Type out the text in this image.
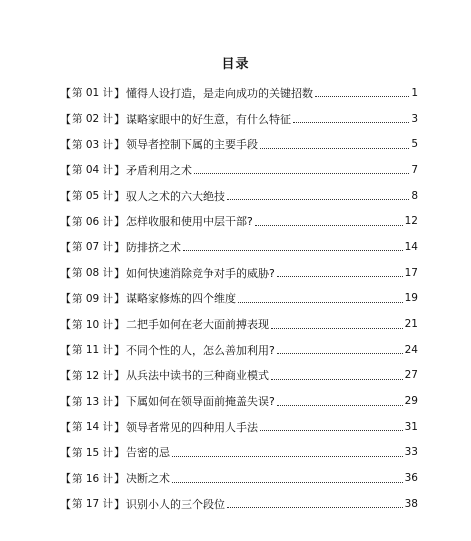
目录
【 第 01 计 】 懂得人设打造，是走向成功的关键招数	1
【 第 02 计 】 谋略家眼中的好生意，有什么特征	3
【 第 03 计 】 领导者控制下属的主要手段	5
【 第 04 计 】 矛盾利用之术	7
【 第 05 计 】 驭人之术的六大绝技	8
【 第 06 计 】 怎样收服和使用中层干部?	12
【 第 07 计 】 防排挤之术	14
【 第 08 计 】 如何快速消除竞争对手的威胁?	17
【 第 09 计 】 谋略家修炼的四个维度	19
【 第 10 计 】 二把手如何在老大面前搏表现	21
【 第 11 计 】 不同个性的人，怎么善加利用?	24
【 第 12 计 】 从兵法中读书的三种商业模式	27
【 第 13 计 】 下属如何在领导面前掩盖失误?	29
【 第 14 计 】 领导者常见的四种用人手法	31
【 第 15 计 】 告密的忌	33
【 第 16 计 】 决断之术	36
【 第 17 计 】 识别小人的三个段位	38
